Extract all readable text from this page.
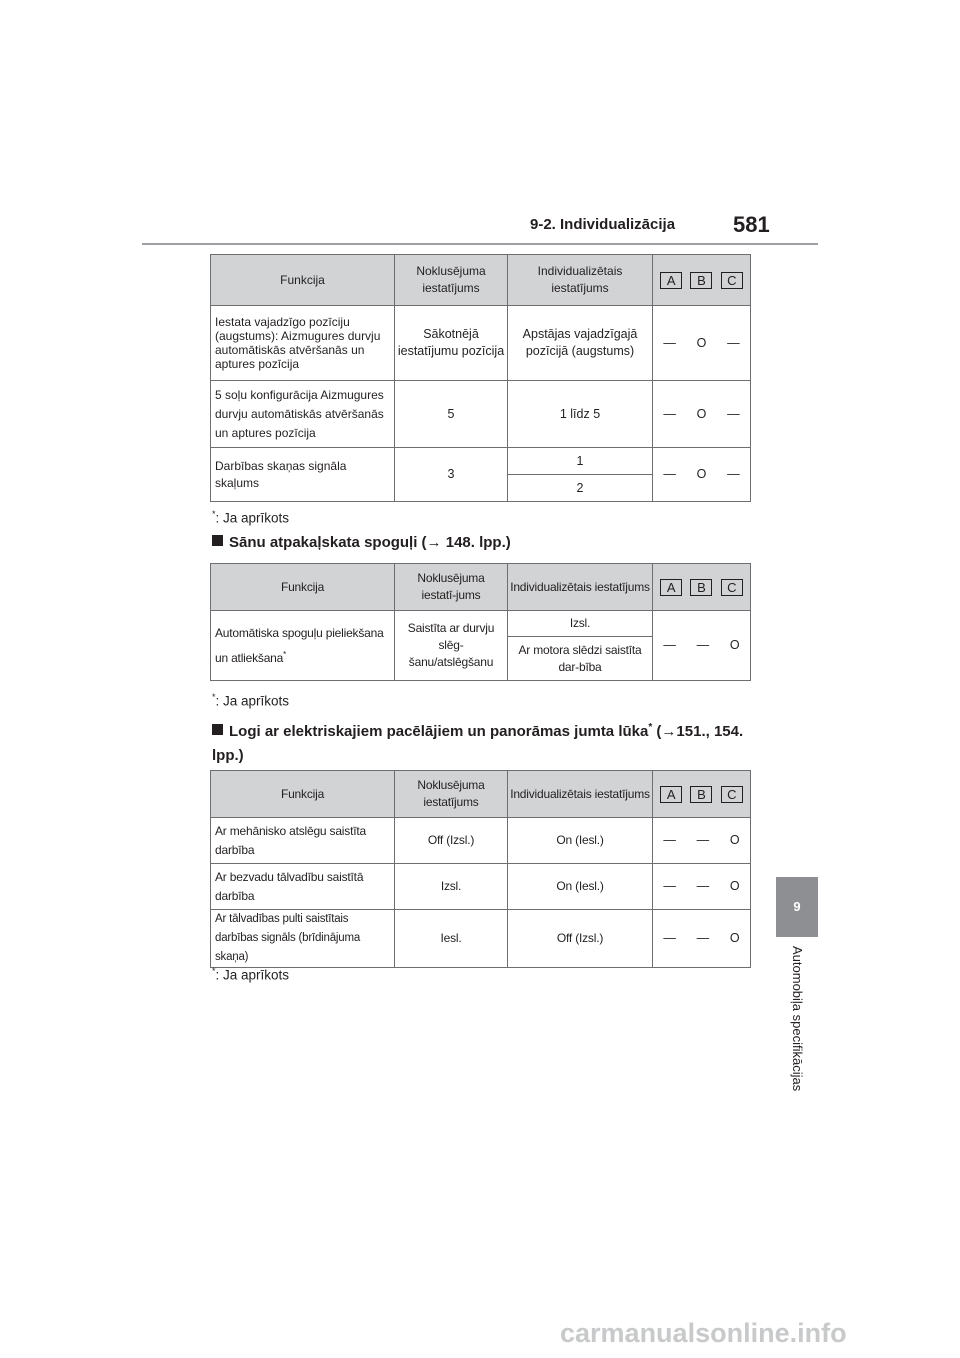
9-2. Individualizācija	581
9
Automobiļa specifikācijas
Funkcija	Noklusējuma iestatījums	Individualizētais iestatījums	A B C

Iestata vajadzīgo pozīciju (augstums): Aizmugures durvju automātiskās atvēršanās un aptures pozīcija	Sākotnējā iestatījumu pozīcija	Apstājas vajadzīgajā pozīcijā (augstums)	— O —

5 soļu konfigurācija Aizmugures durvju automātiskās atvēršanās un aptures pozīcija	5	1 līdz 5	— O —

Darbības skaņas signāla skaļums	3	1	— O —

		2	
*: Ja aprīkots
Sānu atpakaļskata spoguļi (→ 148. lpp.)
Funkcija	Noklusējuma iestatī-jums	Individualizētais iestatījums	A B C

Automātiska spoguļu pieliekšana un atliekšana*	Saistīta ar durvju slēg-šanu/atslēgšanu	Izsl.	— — O

		Ar motora slēdzi saistīta dar-bība	
*: Ja aprīkots
Logi ar elektriskajiem pacēlājiem un panorāmas jumta lūka* (→151., 154. lpp.)
Funkcija	Noklusējuma iestatījums	Individualizētais iestatījums	A B C

Ar mehānisko atslēgu saistīta darbība	Off (Izsl.)	On (Iesl.)	— — O

Ar bezvadu tālvadību saistītā darbība	Izsl.	On (Iesl.)	— — O

Ar tālvadības pulti saistītais darbības signāls (brīdinājuma skaņa)	Iesl.	Off (Izsl.)	— — O
*: Ja aprīkots
carmanualsonline.info
